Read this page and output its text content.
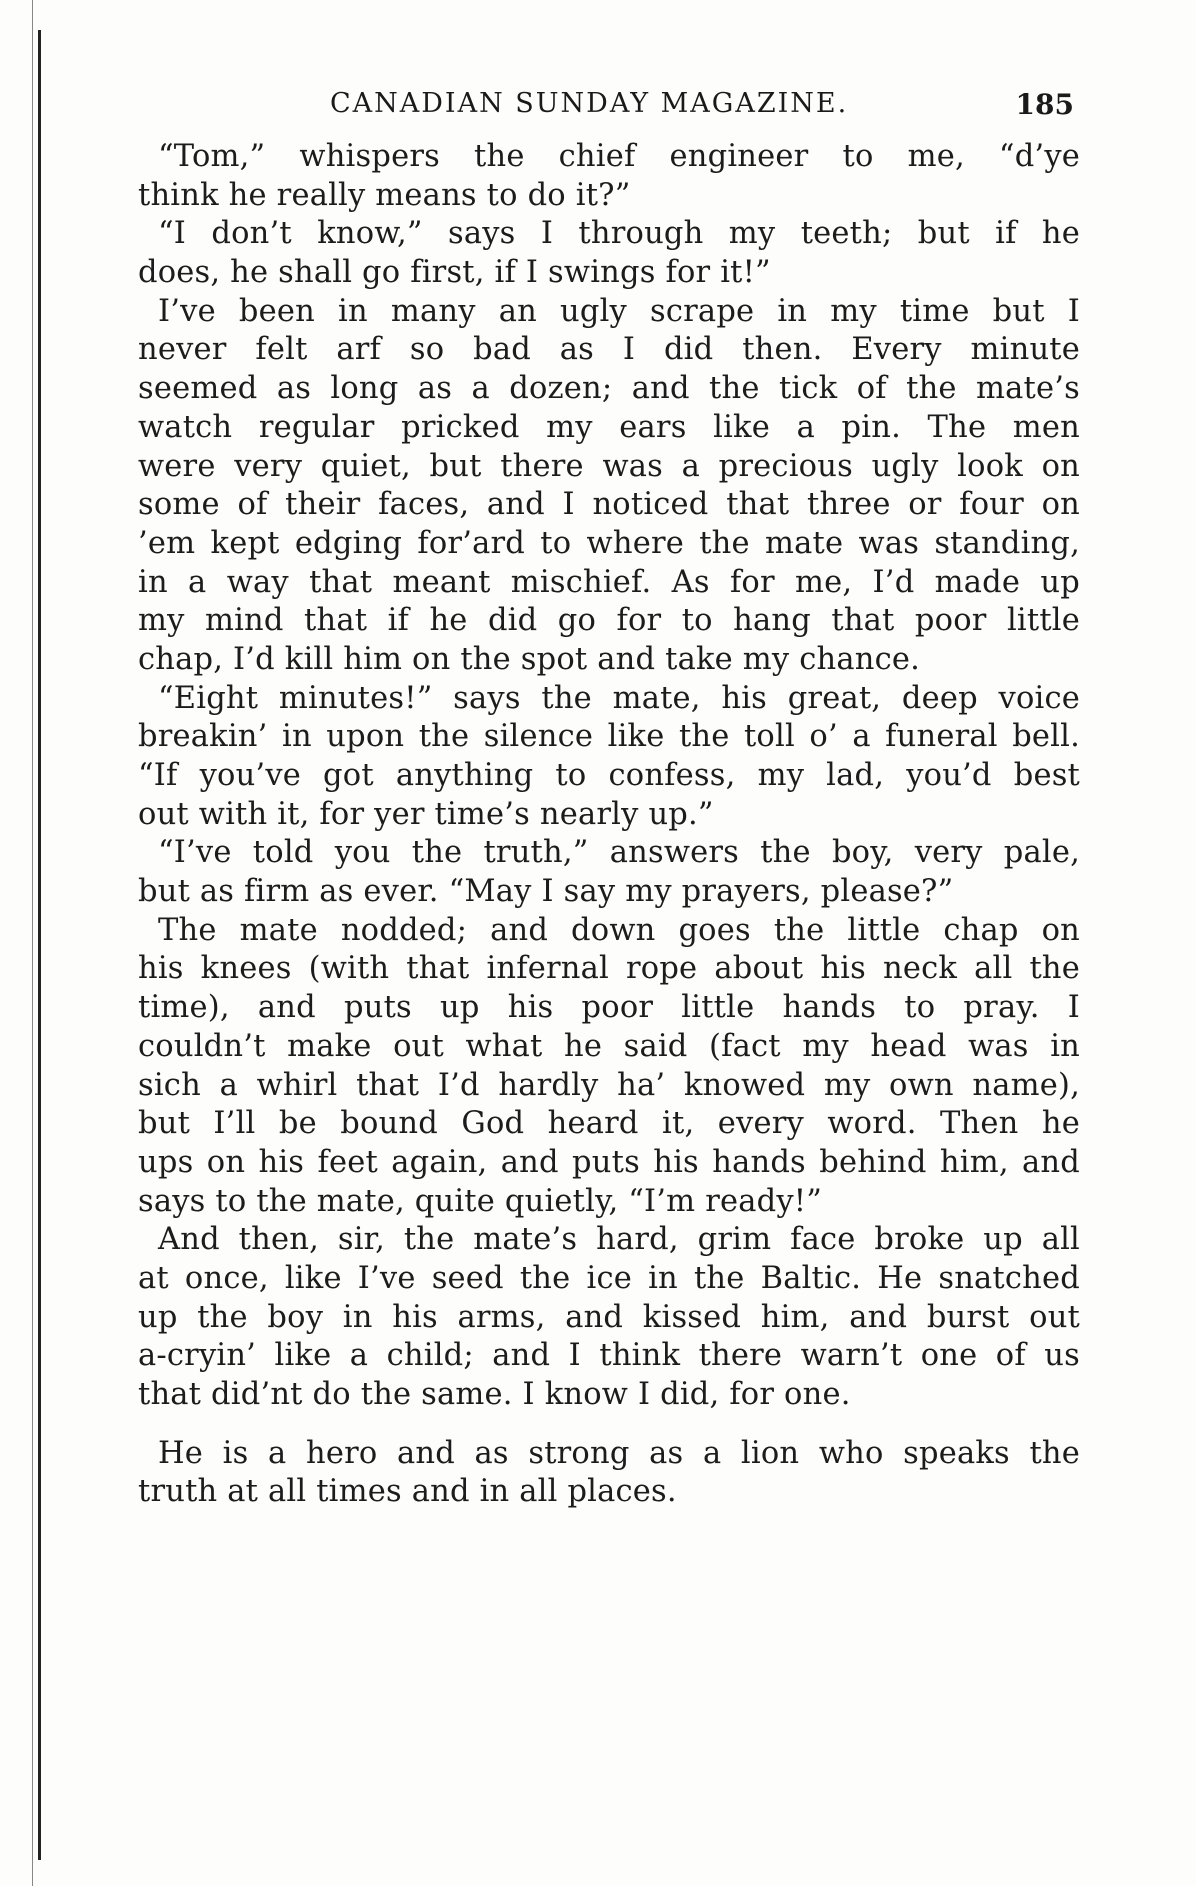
CANADIAN SUNDAY MAGAZINE.	185
“Tom,” whispers the chief engineer to me, “d’ye
think he really means to do it?”
“I don’t know,” says I through my teeth; but if he
does, he shall go first, if I swings for it!”
I’ve been in many an ugly scrape in my time but I
never felt arf so bad as I did then. Every minute
seemed as long as a dozen; and the tick of the mate’s
watch regular pricked my ears like a pin. The men
were very quiet, but there was a precious ugly look on
some of their faces, and I noticed that three or four on
’em kept edging for’ard to where the mate was standing,
in a way that meant mischief. As for me, I’d made up
my mind that if he did go for to hang that poor little
chap, I’d kill him on the spot and take my chance.
“Eight minutes!” says the mate, his great, deep voice
breakin’ in upon the silence like the toll o’ a funeral bell.
“If you’ve got anything to confess, my lad, you’d best
out with it, for yer time’s nearly up.”
“I’ve told you the truth,” answers the boy, very pale,
but as firm as ever. “May I say my prayers, please?”
The mate nodded; and down goes the little chap on
his knees (with that infernal rope about his neck all the
time), and puts up his poor little hands to pray. I
couldn’t make out what he said (fact my head was in
sich a whirl that I’d hardly ha’ knowed my own name),
but I’ll be bound God heard it, every word. Then he
ups on his feet again, and puts his hands behind him, and
says to the mate, quite quietly, “I’m ready!”
And then, sir, the mate’s hard, grim face broke up all
at once, like I’ve seed the ice in the Baltic. He snatched
up the boy in his arms, and kissed him, and burst out
a-cryin’ like a child; and I think there warn’t one of us
that did’nt do the same. I know I did, for one.
He is a hero and as strong as a lion who speaks the
truth at all times and in all places.
